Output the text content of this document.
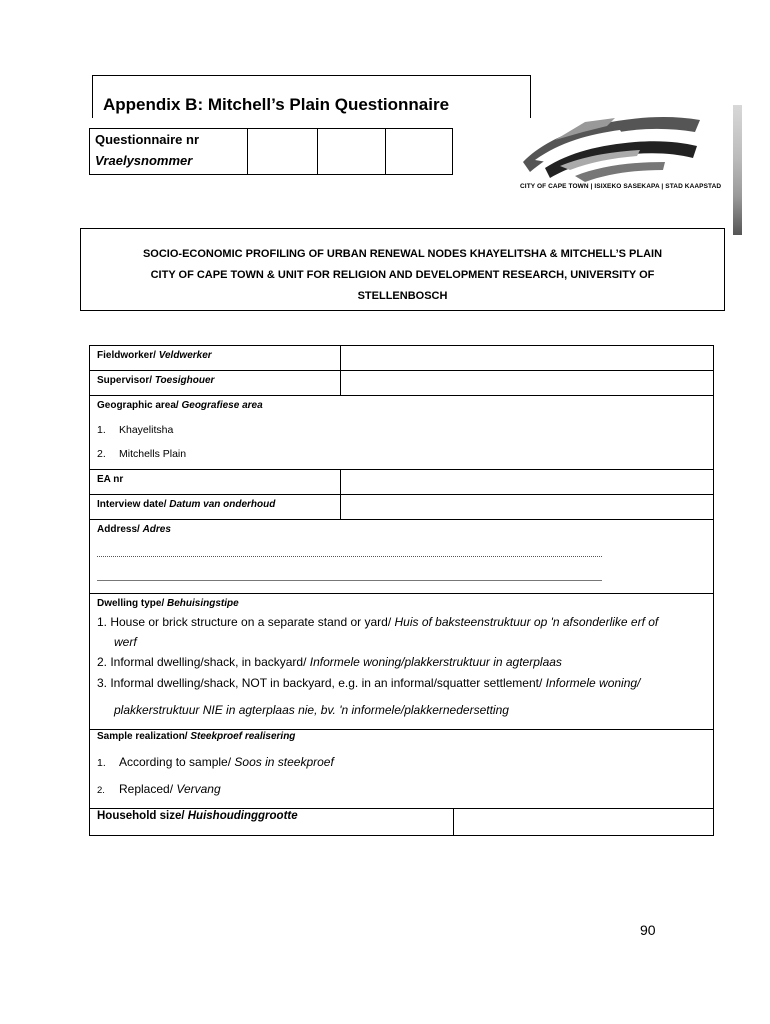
Appendix B: Mitchell’s Plain Questionnaire
Questionnaire nr
Vraelysnommer
CITY OF CAPE TOWN | ISIXEKO SASEKAPA | STAD KAAPSTAD
SOCIO-ECONOMIC PROFILING OF URBAN RENEWAL NODES KHAYELITSHA & MITCHELL’S PLAIN
CITY OF CAPE TOWN & UNIT FOR RELIGION AND DEVELOPMENT RESEARCH, UNIVERSITY OF
STELLENBOSCH
Fieldworker/ Veldwerker
Supervisor/ Toesighouer
Geographic area/ Geografiese area
1. Khayelitsha
2. Mitchells Plain
EA nr
Interview date/ Datum van onderhoud
Address/ Adres
Dwelling type/ Behuisingstipe
1. House or brick structure on a separate stand or yard/ Huis of baksteenstruktuur op 'n afsonderlike erf of
werf
2. Informal dwelling/shack, in backyard/ Informele woning/plakkerstruktuur in agterplaas
3. Informal dwelling/shack, NOT in backyard, e.g. in an informal/squatter settlement/ Informele woning/
plakkerstruktuur NIE in agterplaas nie, bv. 'n informele/plakkernedersetting
Sample realization/ Steekproef realisering
1. According to sample/ Soos in steekproef
2. Replaced/ Vervang
Household size/ Huishoudinggrootte
90
